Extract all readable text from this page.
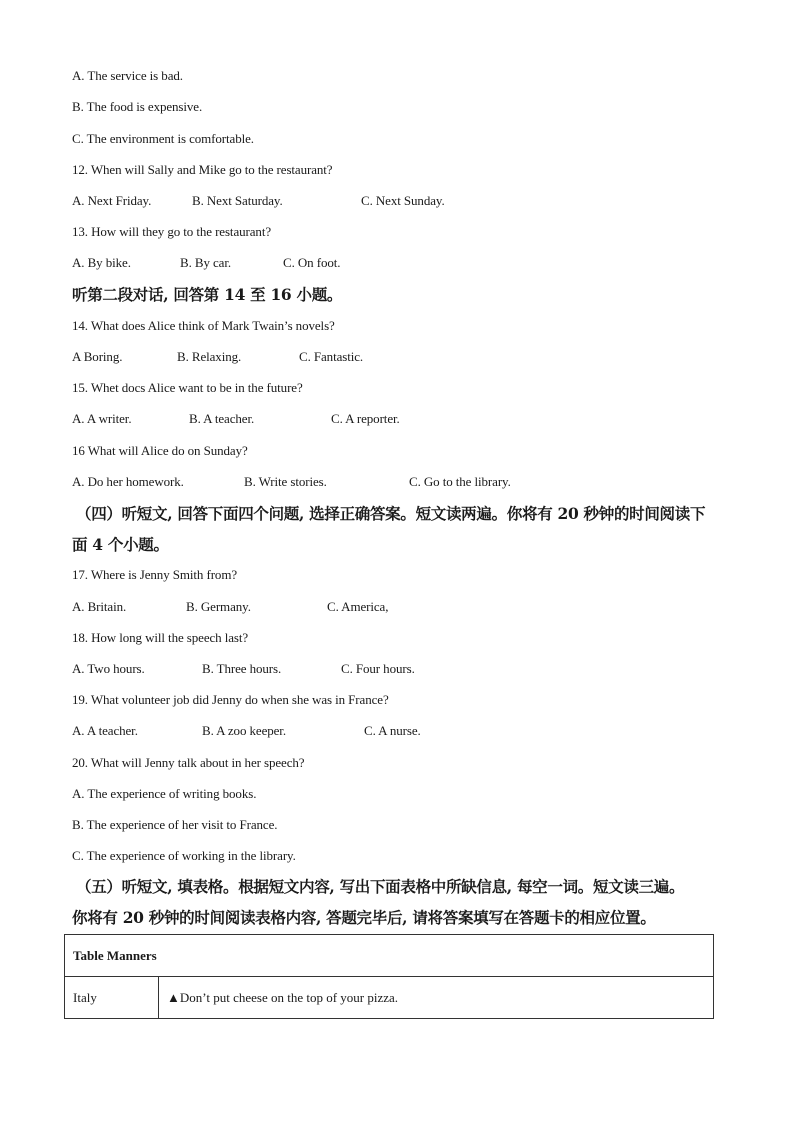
A. The service is bad.
B. The food is expensive.
C. The environment is comfortable.
12. When will Sally and Mike go to the restaurant?
A. Next Friday.	B. Next Saturday.	C. Next Sunday.
13. How will they go to the restaurant?
A. By bike.	B. By car.	C. On foot.
听第二段对话, 回答第 14 至 16 小题。
14. What does Alice think of Mark Twain’s novels?
A Boring.	B. Relaxing.	C. Fantastic.
15. Whet docs Alice want to be in the future?
A. A writer.	B. A teacher.	C. A reporter.
16 What will Alice do on Sunday?
A. Do her homework.	B. Write stories.	C. Go to the library.
（四）听短文, 回答下面四个问题, 选择正确答案。短文读两遍。你将有 20 秒钟的时间阅读下
面 4 个小题。
17. Where is Jenny Smith from?
A. Britain.	B. Germany.	C. America,
18. How long will the speech last?
A. Two hours.	B. Three hours.	C. Four hours.
19. What volunteer job did Jenny do when she was in France?
A. A teacher.	B. A zoo keeper.	C. A nurse.
20. What will Jenny talk about in her speech?
A. The experience of writing books.
B. The experience of her visit to France.
C. The experience of working in the library.
（五）听短文, 填表格。根据短文内容, 写出下面表格中所缺信息, 每空一词。短文读三遍。
你将有 20 秒钟的时间阅读表格内容, 答题完毕后, 请将答案填写在答题卡的相应位置。
Table Manners
Italy	▲Don’t put cheese on the top of your pizza.
